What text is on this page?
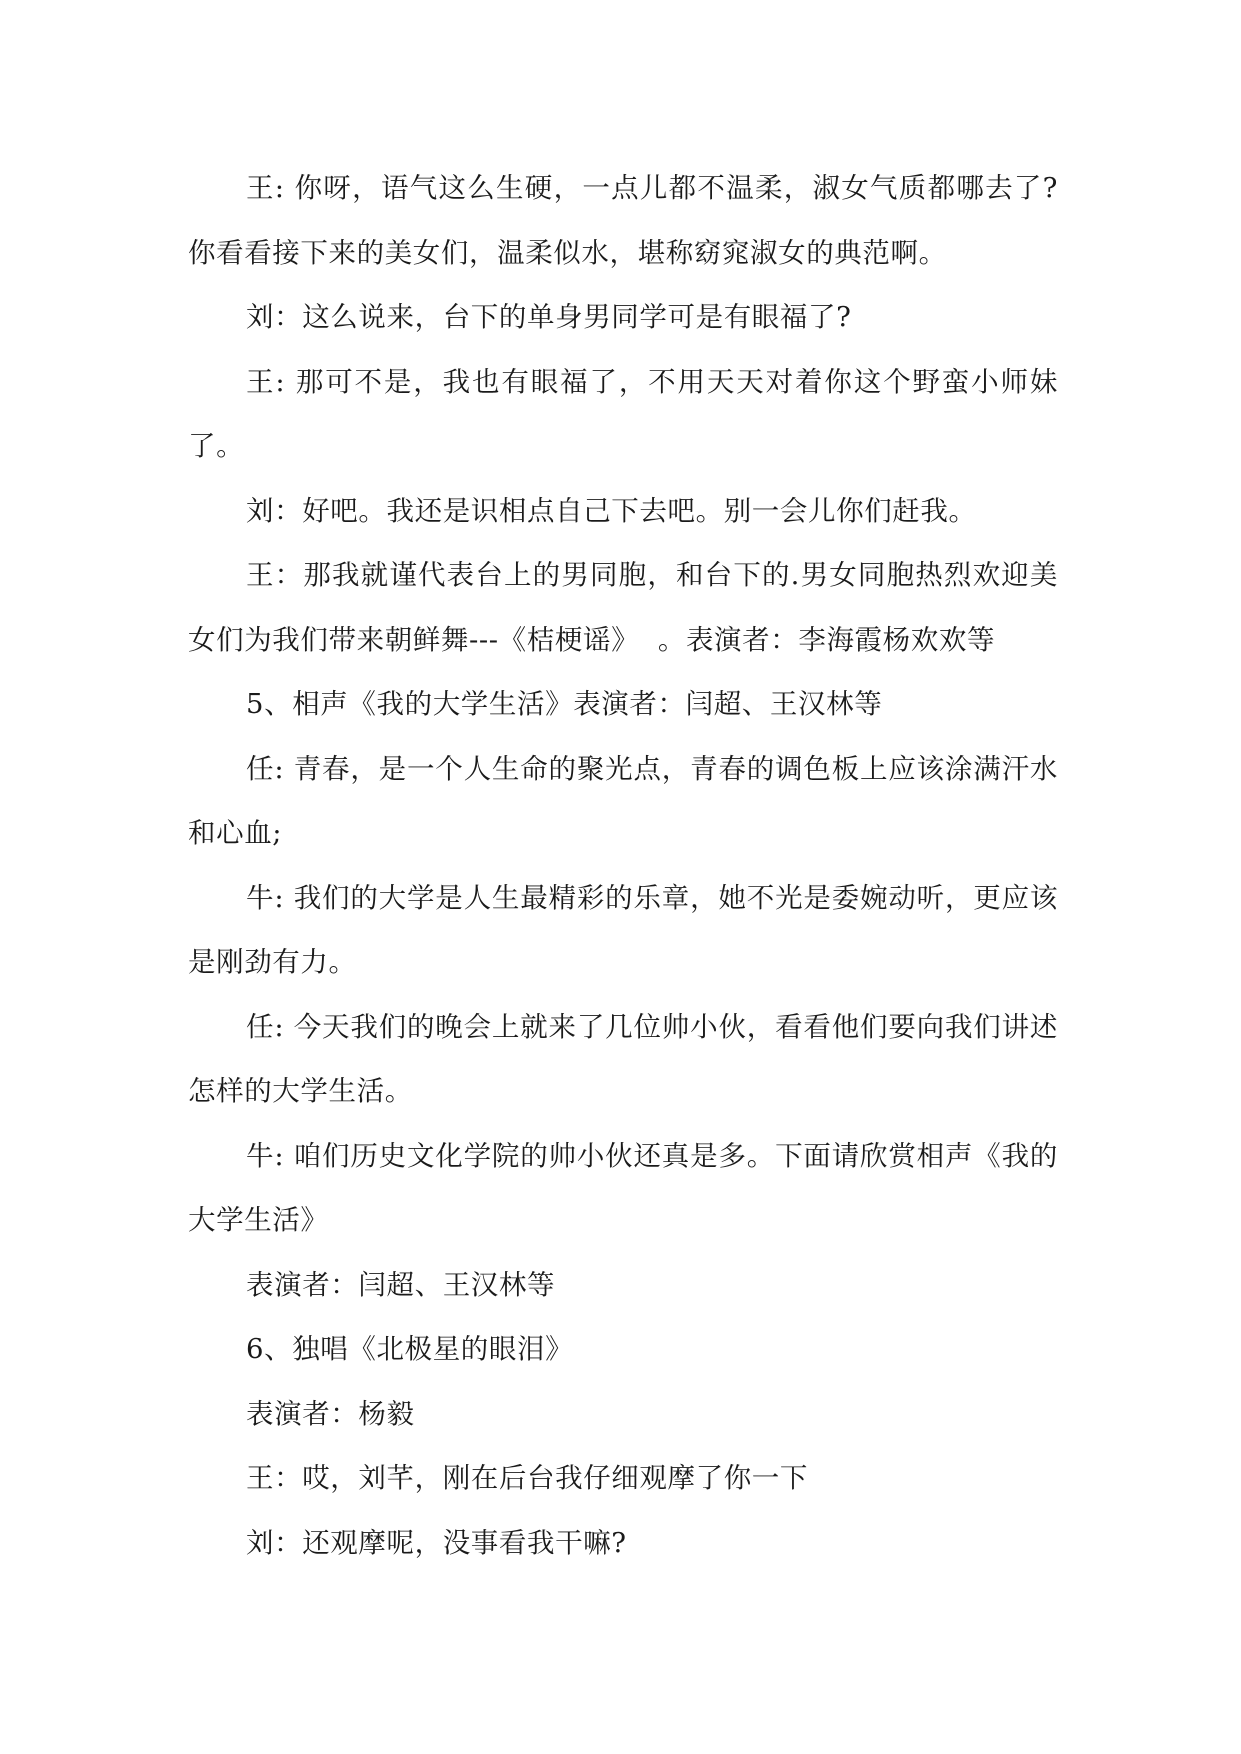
王: 你呀，语气这么生硬，一点儿都不温柔，淑女气质都哪去了?你看看接下来的美女们，温柔似水，堪称窈窕淑女的典范啊。

刘：这么说来，台下的单身男同学可是有眼福了?

王: 那可不是，我也有眼福了，不用天天对着你这个野蛮小师妹了。

刘：好吧。我还是识相点自己下去吧。别一会儿你们赶我。

王：那我就谨代表台上的男同胞，和台下的.男女同胞热烈欢迎美女们为我们带来朝鲜舞---《桔梗谣》  。表演者：李海霞杨欢欢等

5、相声《我的大学生活》表演者：闫超、王汉林等

任: 青春，是一个人生命的聚光点，青春的调色板上应该涂满汗水和心血;

牛: 我们的大学是人生最精彩的乐章，她不光是委婉动听，更应该是刚劲有力。

任: 今天我们的晚会上就来了几位帅小伙，看看他们要向我们讲述怎样的大学生活。

牛: 咱们历史文化学院的帅小伙还真是多。下面请欣赏相声《我的大学生活》

表演者：闫超、王汉林等

6、独唱《北极星的眼泪》

表演者：杨毅

王：哎，刘芊，刚在后台我仔细观摩了你一下

刘：还观摩呢，没事看我干嘛?
